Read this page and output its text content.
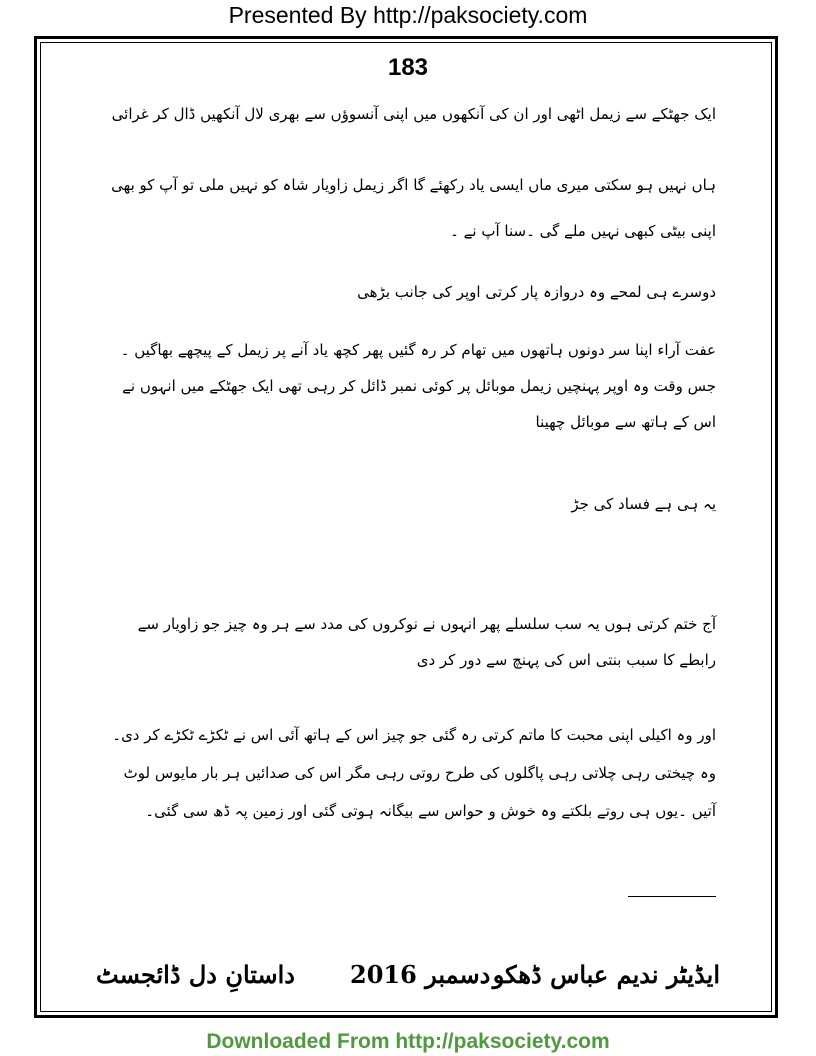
Presented By http://paksociety.com
183

ایک جھٹکے سے زیمل اٹھی اور ان کی آنکھوں میں اپنی آنسوؤں سے بھری لال آنکھیں ڈال کر غرائی

ہاں نہیں ہو سکتی میری ماں ایسی یاد رکھئے گا اگر زیمل زاویار شاہ کو نہیں ملی تو آپ کو بھی اپنی بیٹی کبھی نہیں ملے گی ۔سنا آپ نے ۔

دوسرے ہی لمحے وہ دروازہ پار کرتی اوپر کی جانب بڑھی

عفت آراء اپنا سر دونوں ہاتھوں میں تھام کر رہ گئیں پھر کچھ یاد آنے پر زیمل کے پیچھے بھاگیں ۔جس وقت وہ اوپر پہنچیں زیمل موبائل پر کوئی نمبر ڈائل کر رہی تھی ایک جھٹکے میں انہوں نے اس کے ہاتھ سے موبائل چھینا

یہ ہی ہے فساد کی جڑ

آج ختم کرتی ہوں یہ سب سلسلے پھر انہوں نے نوکروں کی مدد سے ہر وہ چیز جو زاویار سے رابطے کا سبب بنتی اس کی پہنچ سے دور کر دی

اور وہ اکیلی اپنی محبت کا ماتم کرتی رہ گئی جو چیز اس کے ہاتھ آئی اس نے ٹکڑے ٹکڑے کر دی۔وہ چیختی رہی چلاتی رہی پاگلوں کی طرح روتی رہی مگر اس کی صدائیں ہر بار مایوس لوٹ آتیں ۔یوں ہی روتے بلکتے وہ خوش و حواس سے بیگانہ ہوتی گئی اور زمین پہ ڈھ سی گئی۔

ایڈیٹر ندیم عباس ڈھکو
دسمبر 2016
داستانِ دل ڈائجسٹ
Downloaded From http://paksociety.com
